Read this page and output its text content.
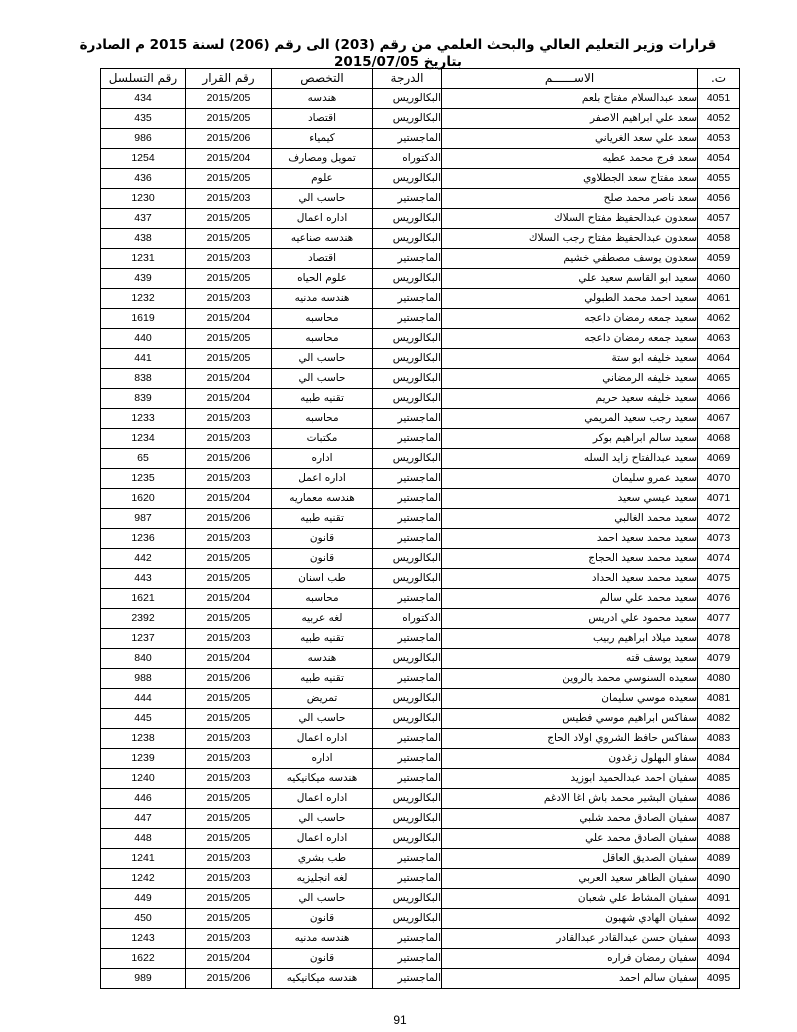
قرارات وزير التعليم العالي والبحث العلمي من رقم (203) الى رقم (206) لسنة 2015 م الصادرة بتاريخ 2015/07/05
ت.	الاســــــم	الدرجة	التخصص	رقم القرار	رقم التسلسل
4051	سعد عبدالسلام مفتاح بلعم	البكالوريس	هندسه	2015/205	434
4052	سعد علي ابراهيم الاصفر	البكالوريس	اقتصاد	2015/205	435
4053	سعد علي سعد الغرياني	الماجستير	كيمياء	2015/206	986
4054	سعد فرج محمد عطيه	الدكتوراه	تمويل ومصارف	2015/204	1254
4055	سعد مفتاح سعد الجطلاوي	البكالوريس	علوم	2015/205	436
4056	سعد ناصر محمد صلح	الماجستير	حاسب الي	2015/203	1230
4057	سعدون عبدالحفيظ مفتاح السلاك	البكالوريس	اداره اعمال	2015/205	437
4058	سعدون عبدالحفيظ مفتاح رجب السلاك	البكالوريس	هندسه صناعيه	2015/205	438
4059	سعدون يوسف مصطفي خشيم	الماجستير	اقتصاد	2015/203	1231
4060	سعيد ابو القاسم سعيد علي	البكالوريس	علوم الحياه	2015/205	439
4061	سعيد احمد محمد الطبولي	الماجستير	هندسه مدنيه	2015/203	1232
4062	سعيد جمعه رمضان داعجه	الماجستير	محاسبه	2015/204	1619
4063	سعيد جمعه رمضان داعجه	البكالوريس	محاسبه	2015/205	440
4064	سعيد خليفه ابو ستة	البكالوريس	حاسب الي	2015/205	441
4065	سعيد خليفه الرمضاني	البكالوريس	حاسب الي	2015/204	838
4066	سعيد خليفه سعيد حريم	البكالوريس	تقنيه طبيه	2015/204	839
4067	سعيد رجب سعيد المريمي	الماجستير	محاسبه	2015/203	1233
4068	سعيد سالم ابراهيم بوكر	الماجستير	مكتبات	2015/203	1234
4069	سعيد عبدالفتاح زايد السله	البكالوريس	اداره	2015/206	65
4070	سعيد عمرو سليمان	الماجستير	اداره اعمل	2015/203	1235
4071	سعيد عيسي سعيد	الماجستير	هندسه معماريه	2015/204	1620
4072	سعيد محمد الغالبي	الماجستير	تقنيه طبيه	2015/206	987
4073	سعيد محمد سعيد احمد	الماجستير	قانون	2015/203	1236
4074	سعيد محمد سعيد الحجاج	البكالوريس	قانون	2015/205	442
4075	سعيد محمد سعيد الحداد	البكالوريس	طب اسنان	2015/205	443
4076	سعيد محمد علي سالم	الماجستير	محاسبه	2015/204	1621
4077	سعيد محمود علي ادريس	الدكتوراه	لغه عربيه	2015/205	2392
4078	سعيد ميلاد ابراهيم ربيب	الماجستير	تقنيه طبيه	2015/203	1237
4079	سعيد يوسف قته	البكالوريس	هندسه	2015/204	840
4080	سعيده السنوسي محمد بالروين	الماجستير	تقنيه طبيه	2015/206	988
4081	سعيده موسي سليمان	البكالوريس	تمريض	2015/205	444
4082	سفاكس ابراهيم موسي فطيس	البكالوريس	حاسب الي	2015/205	445
4083	سفاكس حافظ الشروي اولاد الحاج	الماجستير	اداره اعمال	2015/203	1238
4084	سفاو البهلول زغدون	الماجستير	اداره	2015/203	1239
4085	سفيان احمد عبدالحميد ابوزيد	الماجستير	هندسه ميكانيكيه	2015/203	1240
4086	سفيان البشير محمد باش اغا الادغم	البكالوريس	اداره اعمال	2015/205	446
4087	سفيان الصادق محمد شلبي	البكالوريس	حاسب الي	2015/205	447
4088	سفيان الصادق محمد علي	البكالوريس	اداره اعمال	2015/205	448
4089	سفيان الصديق العاقل	الماجستير	طب بشري	2015/203	1241
4090	سفيان الطاهر سعيد العربي	الماجستير	لغه انجليزيه	2015/203	1242
4091	سفيان المشاط علي شعبان	البكالوريس	حاسب الي	2015/205	449
4092	سفيان الهادي شهبون	البكالوريس	قانون	2015/205	450
4093	سفيان حسن عبدالقادر عبدالقادر	الماجستير	هندسه مدنيه	2015/203	1243
4094	سفيان رمضان فراره	الماجستير	قانون	2015/204	1622
4095	سفيان سالم احمد	الماجستير	هندسه ميكانيكيه	2015/206	989
91
